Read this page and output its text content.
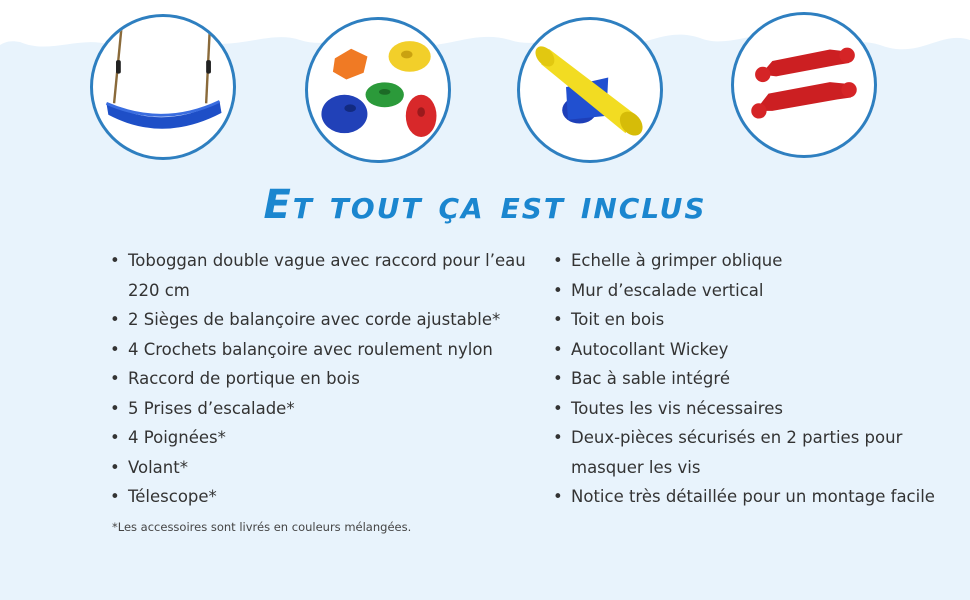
Et tout ça est inclus
• Toboggan double vague avec raccord pour l’eau 220 cm
• 2 Sièges de balançoire avec corde ajustable*
• 4 Crochets balançoire avec roulement nylon
• Raccord de portique en bois
• 5 Prises d’escalade*
• 4 Poignées*
• Volant*
• Télescope*
• Echelle à grimper oblique
• Mur d’escalade vertical
• Toit en bois
• Autocollant Wickey
• Bac à sable intégré
• Toutes les vis nécessaires
• Deux-pièces sécurisés en 2 parties pour masquer les vis
• Notice très détaillée pour un montage facile
*Les accessoires sont livrés en couleurs mélangées.
